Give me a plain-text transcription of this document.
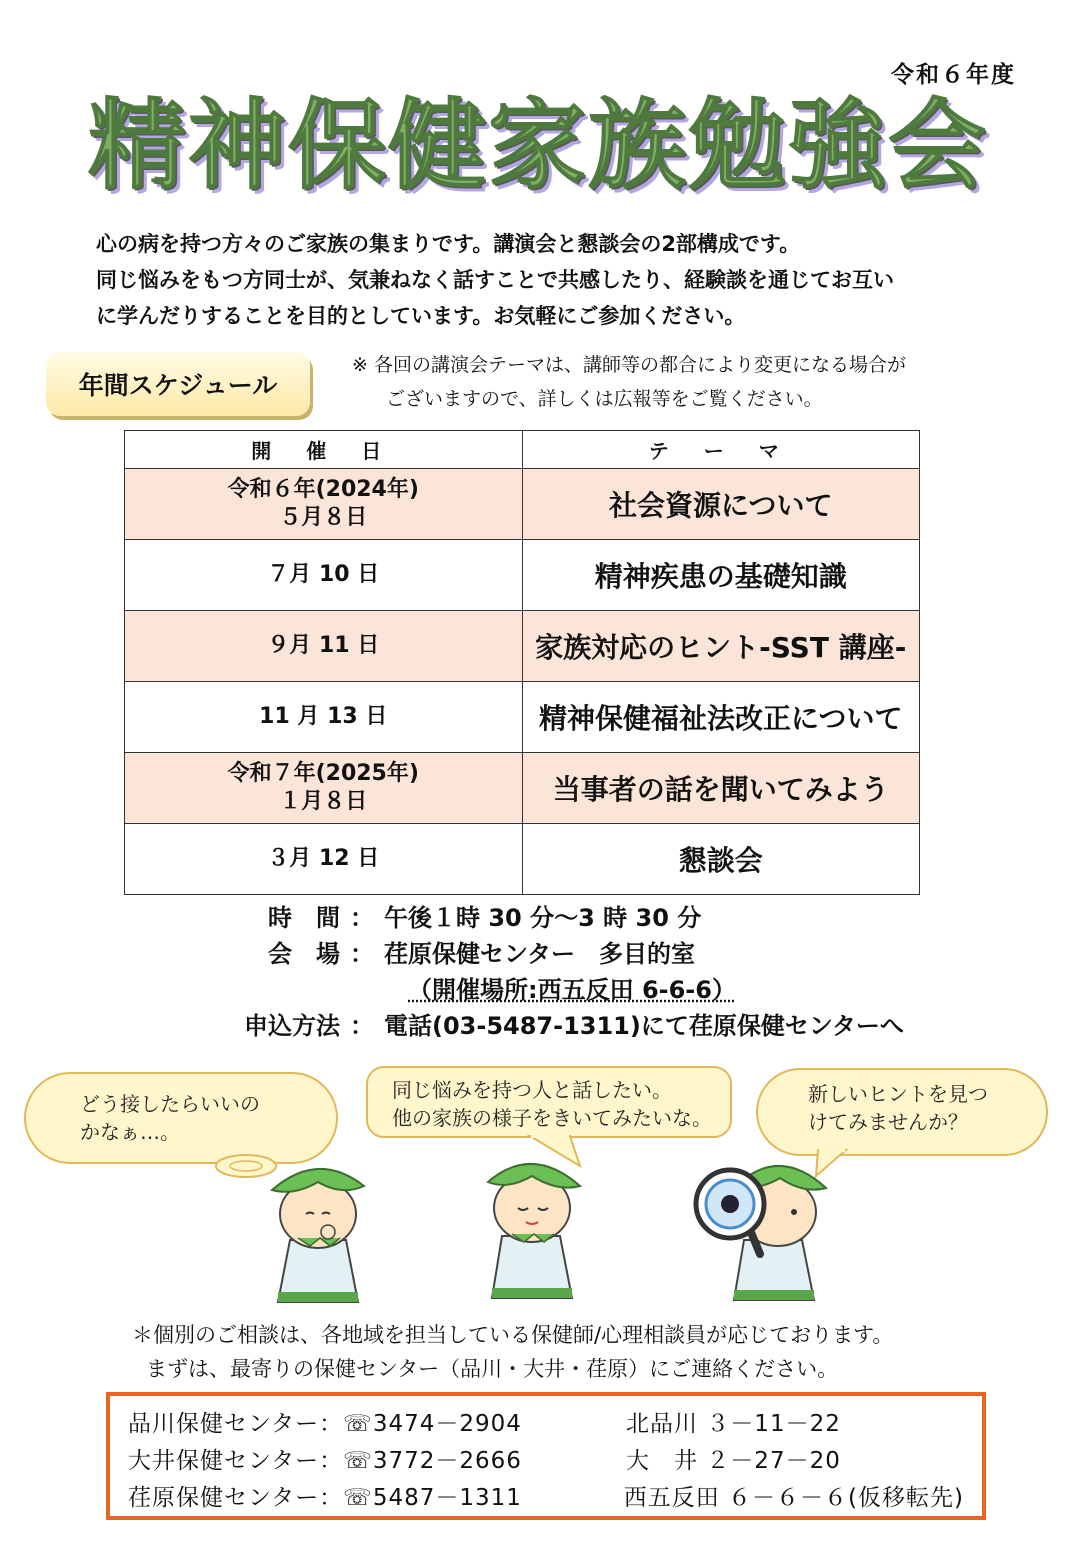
令和６年度
精神保健家族勉強会
心の病を持つ方々のご家族の集まりです。講演会と懇談会の2部構成です。
同じ悩みをもつ方同士が、気兼ねなく話すことで共感したり、経験談を通じてお互い
に学んだりすることを目的としています。お気軽にご参加ください。
年間スケジュール
※ 各回の講演会テーマは、講師等の都合により変更になる場合が
ございますので、詳しくは広報等をご覧ください。
開 催 日	テ ー マ

令和６年(2024年)
５月８日	社会資源について
７月 10 日	精神疾患の基礎知識
９月 11 日	家族対応のヒント‐SST 講座‐
11 月 13 日	精神保健福祉法改正について

令和７年(2025年)
１月８日	当事者の話を聞いてみよう
３月 12 日	懇談会
時　間 ： 午後１時 30 分～3 時 30 分
会　場 ： 荏原保健センター　多目的室
（開催場所:西五反田 6-6-6）
申込方法 ： 電話(03-5487-1311)にて荏原保健センターへ
どう接したらいいの
かなぁ…。
同じ悩みを持つ人と話したい。
他の家族の様子をきいてみたいな。
新しいヒントを見つ
けてみませんか？
＊個別のご相談は、各地域を担当している保健師/心理相談員が応じております。
まずは、最寄りの保健センター（品川・大井・荏原）にご連絡ください。
品川保健センター：☏3474－2904	北品川 ３－11－22
大井保健センター：☏3772－2666	大　井 ２－27－20
荏原保健センター：☏5487－1311	西五反田 ６－６－６(仮移転先)
